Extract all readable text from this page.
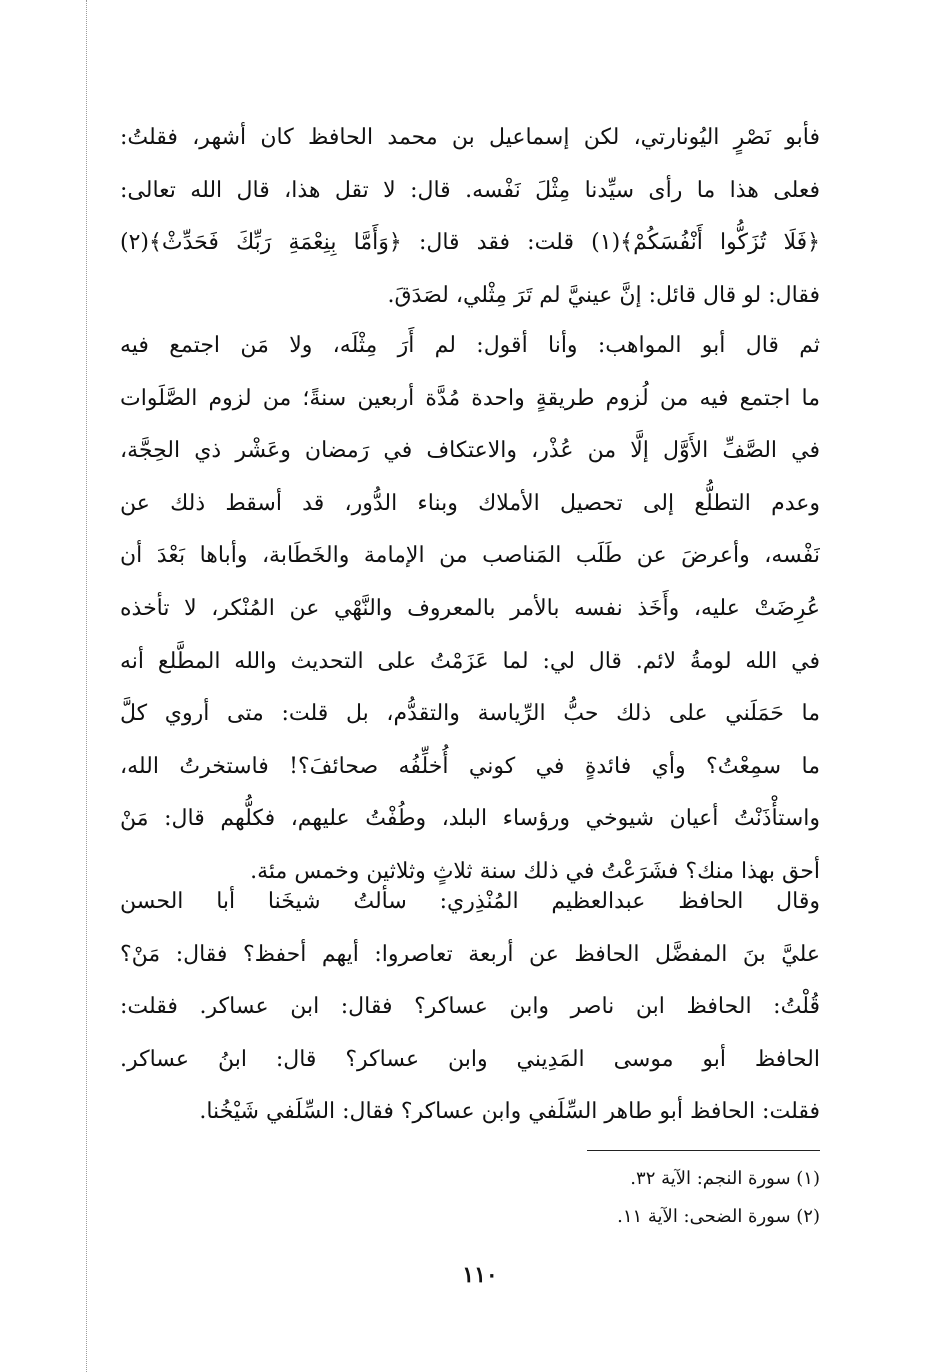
فأبو نَصْرٍ اليُونارتي، لكن إسماعيل بن محمد الحافظ كان أشهر، فقلتُ:
فعلى هذا ما رأى سيِّدنا مِثْلَ نَفْسه. قال: لا تقل هذا، قال الله تعالى:
﴿فَلَا تُزَكُّوا أَنْفُسَكُمْ﴾(١) قلت: فقد قال: ﴿وَأَمَّا بِنِعْمَةِ رَبِّكَ فَحَدِّثْ﴾(٢)
فقال: لو قال قائل: إنَّ عينيَّ لم تَرَ مِثْلي، لصَدَقَ.
ثم قال أبو المواهب: وأنا أقول: لم أَرَ مِثْلَه، ولا مَن اجتمع فيه
ما اجتمع فيه من لُزوم طريقةٍ واحدة مُدَّة أربعين سنةً؛ من لزوم الصَّلَوات
في الصَّفِّ الأَوَّل إلَّا من عُذْر، والاعتكاف في رَمضان وعَشْر ذي الحِجَّة،
وعدم التطلُّع إلى تحصيل الأملاك وبناء الدُّور، قد أسقط ذلك عن
نَفْسه، وأعرضَ عن طَلَب المَناصب من الإمامة والخَطَابة، وأباها بَعْدَ أن
عُرِضَتْ عليه، وأَخَذ نفسه بالأمر بالمعروف والنَّهْي عن المُنْكر، لا تأخذه
في الله لومةُ لائم. قال لي: لما عَزَمْتُ على التحديث والله المطَّلع أنه
ما حَمَلَني على ذلك حبُّ الرِّياسة والتقدُّم، بل قلت: متى أروي كلَّ
ما سمِعْتُ؟ وأي فائدةٍ في كوني أُخلِّفُه صحائفَ؟! فاستخرتُ الله،
واستأْذَنْتُ أعيان شيوخي ورؤساء البلد، وطُفْتُ عليهم، فكلُّهم قال: مَنْ
أحق بهذا منك؟ فشَرَعْتُ في ذلك سنة ثلاثٍ وثلاثين وخمس مئة.
وقال الحافظ عبدالعظيم المُنْذِري: سألتُ شيخَنا أبا الحسن
عليَّ بنَ المفضَّل الحافظ عن أربعة تعاصروا: أيهم أحفظ؟ فقال: مَنْ؟
قُلْتُ: الحافظ ابن ناصر وابن عساكر؟ فقال: ابن عساكر. فقلت:
الحافظ أبو موسى المَدِيني وابن عساكر؟ قال: ابنُ عساكر.
فقلت: الحافظ أبو طاهر السِّلَفي وابن عساكر؟ فقال: السِّلَفي شَيْخُنا.
(١) سورة النجم: الآية ٣٢.
(٢) سورة الضحى: الآية ١١.
١١٠
